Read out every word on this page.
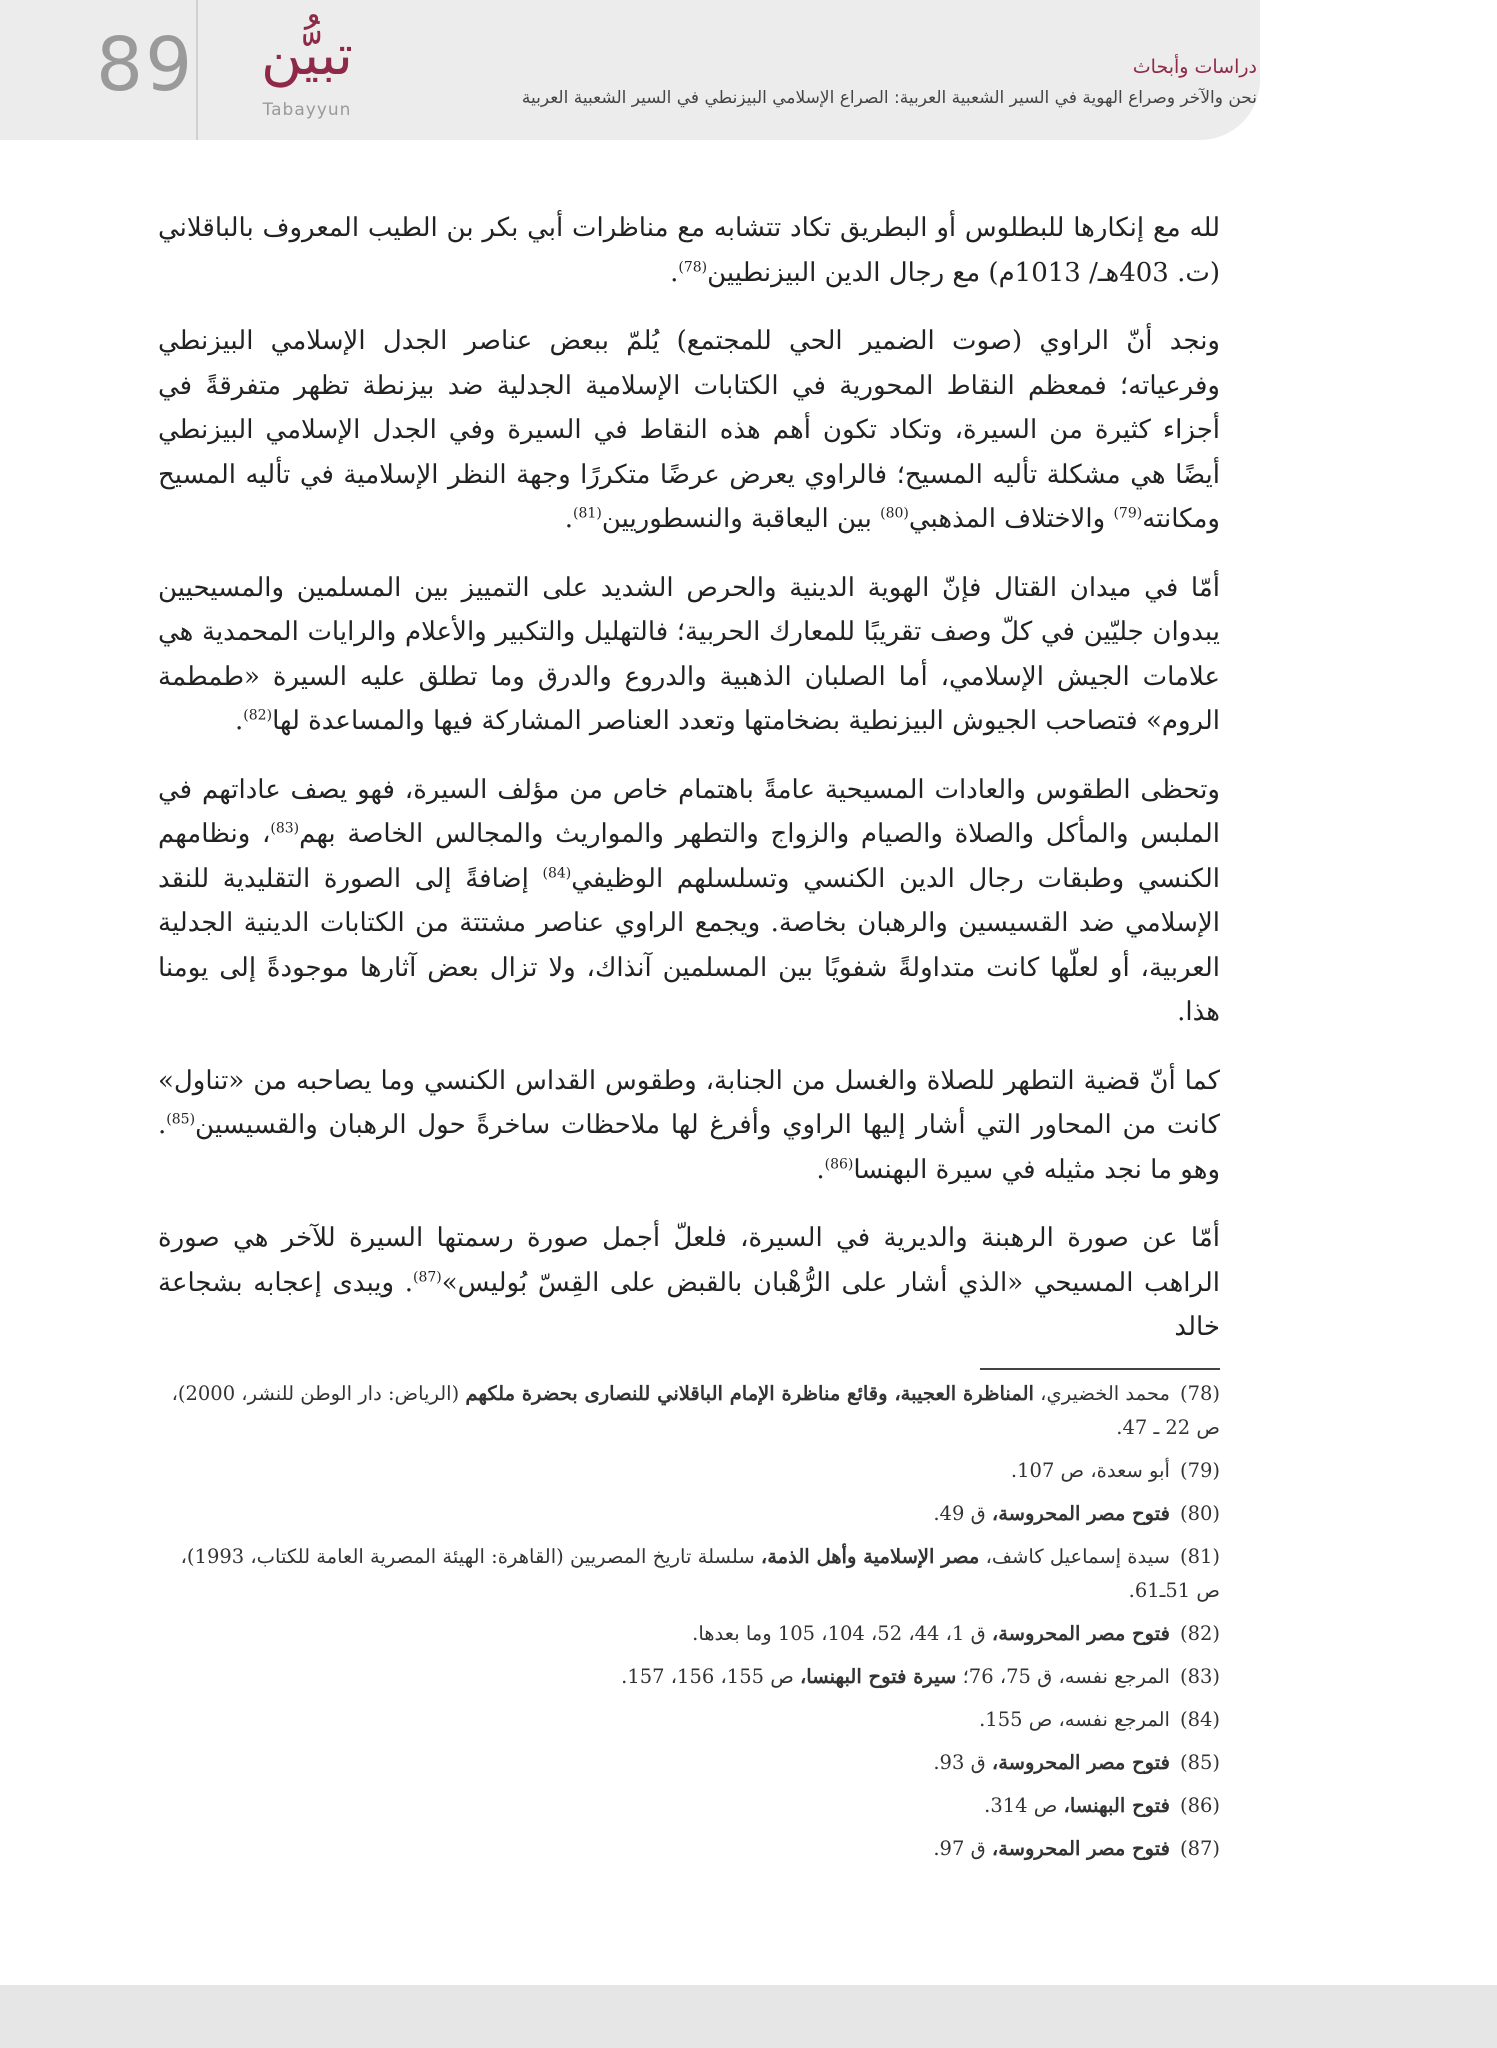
89	تبيُّن
Tabayyun
دراسات وأبحاث
نحن والآخر وصراع الهوية في السير الشعبية العربية: الصراع الإسلامي البيزنطي في السير الشعبية العربية

لله مع إنكارها للبطلوس أو البطريق تكاد تتشابه مع مناظرات أبي بكر بن الطيب المعروف بالباقلاني (ت. 403هـ/ 1013م) مع رجال الدين البيزنطيين$^{(78)}$.

ونجد أنّ الراوي (صوت الضمير الحي للمجتمع) يُلمّ ببعض عناصر الجدل الإسلامي البيزنطي وفرعياته؛ فمعظم النقاط المحورية في الكتابات الإسلامية الجدلية ضد بيزنطة تظهر متفرقةً في أجزاء كثيرة من السيرة، وتكاد تكون أهم هذه النقاط في السيرة وفي الجدل الإسلامي البيزنطي أيضًا هي مشكلة تأليه المسيح؛ فالراوي يعرض عرضًا متكررًا وجهة النظر الإسلامية في تأليه المسيح ومكانته$^{(79)}$ والاختلاف المذهبي$^{(80)}$ بين اليعاقبة والنسطوريين$^{(81)}$.

أمّا في ميدان القتال فإنّ الهوية الدينية والحرص الشديد على التمييز بين المسلمين والمسيحيين يبدوان جليّين في كلّ وصف تقريبًا للمعارك الحربية؛ فالتهليل والتكبير والأعلام والرايات المحمدية هي علامات الجيش الإسلامي، أما الصلبان الذهبية والدروع والدرق وما تطلق عليه السيرة «طمطمة الروم» فتصاحب الجيوش البيزنطية بضخامتها وتعدد العناصر المشاركة فيها والمساعدة لها$^{(82)}$.

وتحظى الطقوس والعادات المسيحية عامةً باهتمام خاص من مؤلف السيرة، فهو يصف عاداتهم في الملبس والمأكل والصلاة والصيام والزواج والتطهر والمواريث والمجالس الخاصة بهم$^{(83)}$، ونظامهم الكنسي وطبقات رجال الدين الكنسي وتسلسلهم الوظيفي$^{(84)}$ إضافةً إلى الصورة التقليدية للنقد الإسلامي ضد القسيسين والرهبان بخاصة. ويجمع الراوي عناصر مشتتة من الكتابات الدينية الجدلية العربية، أو لعلّها كانت متداولةً شفويًا بين المسلمين آنذاك، ولا تزال بعض آثارها موجودةً إلى يومنا هذا.

كما أنّ قضية التطهر للصلاة والغسل من الجنابة، وطقوس القداس الكنسي وما يصاحبه من «تناول» كانت من المحاور التي أشار إليها الراوي وأفرغ لها ملاحظات ساخرةً حول الرهبان والقسيسين$^{(85)}$. وهو ما نجد مثيله في سيرة البهنسا$^{(86)}$.

أمّا عن صورة الرهبنة والديرية في السيرة، فلعلّ أجمل صورة رسمتها السيرة للآخر هي صورة الراهب المسيحي «الذي أشار على الرُّهْبان بالقبض على القِسّ بُوليس»$^{(87)}$. ويبدى إعجابه بشجاعة خالد

(78)محمد الخضيري، المناظرة العجيبة، وقائع مناظرة الإمام الباقلاني للنصارى بحضرة ملكهم (الرياض: دار الوطن للنشر، 2000)، ص 22 ـ 47.
(79)أبو سعدة، ص 107.
(80)فتوح مصر المحروسة، ق 49.
(81)سيدة إسماعيل كاشف، مصر الإسلامية وأهل الذمة، سلسلة تاريخ المصريين (القاهرة: الهيئة المصرية العامة للكتاب، 1993)، ص 51ـ61.
(82)فتوح مصر المحروسة، ق 1، 44، 52، 104، 105 وما بعدها.
(83)المرجع نفسه، ق 75، 76؛ سيرة فتوح البهنسا، ص 155، 156، 157.
(84)المرجع نفسه، ص 155.
(85)فتوح مصر المحروسة، ق 93.
(86)فتوح البهنسا، ص 314.
(87)فتوح مصر المحروسة، ق 97.
